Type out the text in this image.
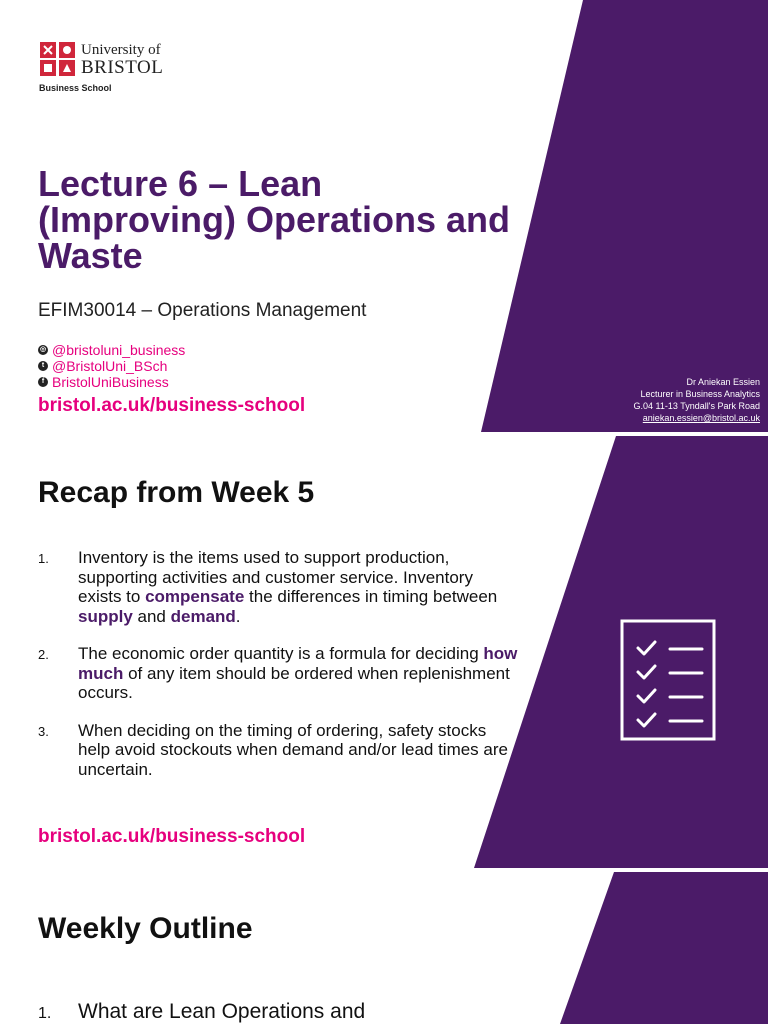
University of
BRISTOL
Business School
Lecture 6 – Lean (Improving) Operations and Waste
EFIM30014 – Operations Management
◎ @bristoluni_business
t @BristolUni_BSch
f BristolUniBusiness
bristol.ac.uk/business-school
Dr Aniekan Essien
Lecturer in Business Analytics
G.04 11-13 Tyndall's Park Road
aniekan.essien@bristol.ac.uk
Recap from Week 5
1. Inventory is the items used to support production, supporting activities and customer service. Inventory exists to compensate the differences in timing between supply and demand.
2. The economic order quantity is a formula for deciding how much of any item should be ordered when replenishment occurs.
3. When deciding on the timing of ordering, safety stocks help avoid stockouts when demand and/or lead times are uncertain.
bristol.ac.uk/business-school
Weekly Outline
1. What are Lean Operations and
